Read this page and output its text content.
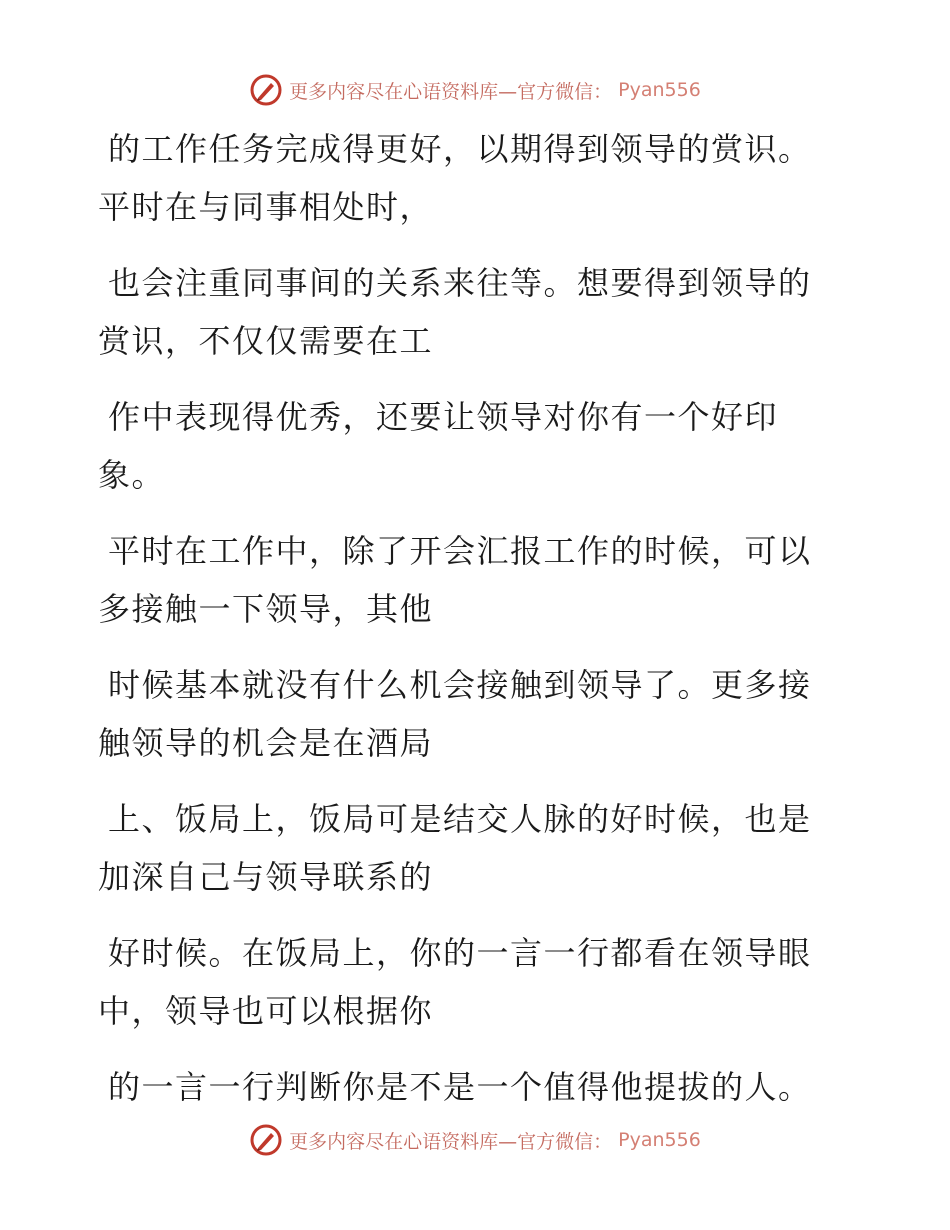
更多内容尽在心语资料库—官方微信： Pyan556

的工作任务完成得更好，以期得到领导的赏识。
平时在与同事相处时，

也会注重同事间的关系来往等。想要得到领导的
赏识，不仅仅需要在工

作中表现得优秀，还要让领导对你有一个好印
象。

平时在工作中，除了开会汇报工作的时候，可以
多接触一下领导，其他

时候基本就没有什么机会接触到领导了。更多接
触领导的机会是在酒局

上、饭局上，饭局可是结交人脉的好时候，也是
加深自己与领导联系的

好时候。在饭局上，你的一言一行都看在领导眼
中，领导也可以根据你

的一言一行判断你是不是一个值得他提拔的人。

更多内容尽在心语资料库—官方微信： Pyan556
